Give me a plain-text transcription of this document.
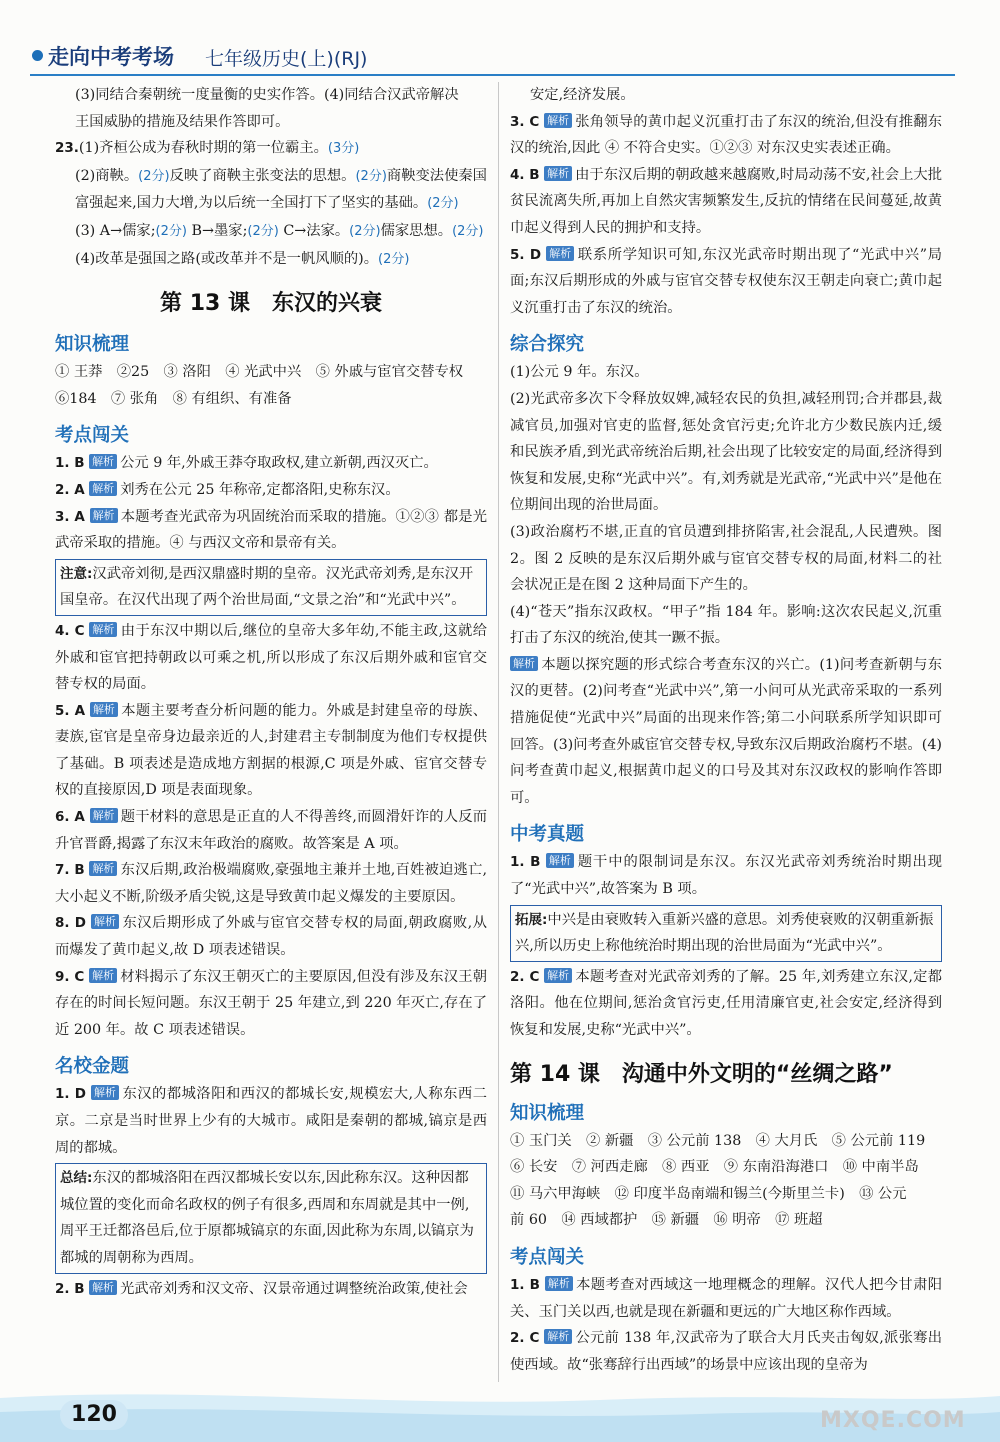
走向中考考场 七年级历史(上)(RJ)

(3)同结合秦朝统一度量衡的史实作答。(4)同结合汉武帝解决

王国威胁的措施及结果作答即可。

23.(1)齐桓公成为春秋时期的第一位霸主。(3分)

(2)商鞅。(2分)反映了商鞅主张变法的思想。(2分)商鞅变法使秦国富强起来,国力大增,为以后统一全国打下了坚实的基础。(2分)

(3) A→儒家;(2分) B→墨家;(2分) C→法家。(2分)儒家思想。(2分)

(4)改革是强国之路(或改革并不是一帆风顺的)。(2分)

第 13 课　东汉的兴衰
知识梳理

① 王莽　②25　③ 洛阳　④ 光武中兴　⑤ 外戚与宦官交替专权

⑥184　⑦ 张角　⑧ 有组织、有准备

考点闯关

1. B 解析 公元 9 年,外戚王莽夺取政权,建立新朝,西汉灭亡。

2. A 解析 刘秀在公元 25 年称帝,定都洛阳,史称东汉。

3. A 解析 本题考查光武帝为巩固统治而采取的措施。①②③ 都是光武帝采取的措施。④ 与西汉文帝和景帝有关。

注意:汉武帝刘彻,是西汉鼎盛时期的皇帝。汉光武帝刘秀,是东汉开国皇帝。在汉代出现了两个治世局面,“文景之治”和“光武中兴”。

4. C 解析 由于东汉中期以后,继位的皇帝大多年幼,不能主政,这就给外戚和宦官把持朝政以可乘之机,所以形成了东汉后期外戚和宦官交替专权的局面。

5. A 解析 本题主要考查分析问题的能力。外戚是封建皇帝的母族、妻族,宦官是皇帝身边最亲近的人,封建君主专制制度为他们专权提供了基础。B 项表述是造成地方割据的根源,C 项是外戚、宦官交替专权的直接原因,D 项是表面现象。

6. A 解析 题干材料的意思是正直的人不得善终,而圆滑奸诈的人反而升官晋爵,揭露了东汉末年政治的腐败。故答案是 A 项。

7. B 解析 东汉后期,政治极端腐败,豪强地主兼并土地,百姓被迫逃亡,大小起义不断,阶级矛盾尖锐,这是导致黄巾起义爆发的主要原因。

8. D 解析 东汉后期形成了外戚与宦官交替专权的局面,朝政腐败,从而爆发了黄巾起义,故 D 项表述错误。

9. C 解析 材料揭示了东汉王朝灭亡的主要原因,但没有涉及东汉王朝存在的时间长短问题。东汉王朝于 25 年建立,到 220 年灭亡,存在了近 200 年。故 C 项表述错误。

名校金题

1. D 解析 东汉的都城洛阳和西汉的都城长安,规模宏大,人称东西二京。二京是当时世界上少有的大城市。咸阳是秦朝的都城,镐京是西周的都城。

总结:东汉的都城洛阳在西汉都城长安以东,因此称东汉。这种因都城位置的变化而命名政权的例子有很多,西周和东周就是其中一例,周平王迁都洛邑后,位于原都城镐京的东面,因此称为东周,以镐京为都城的周朝称为西周。

2. B 解析 光武帝刘秀和汉文帝、汉景帝通过调整统治政策,使社会

安定,经济发展。

3. C 解析 张角领导的黄巾起义沉重打击了东汉的统治,但没有推翻东汉的统治,因此 ④ 不符合史实。①②③ 对东汉史实表述正确。

4. B 解析 由于东汉后期的朝政越来越腐败,时局动荡不安,社会上大批贫民流离失所,再加上自然灾害频繁发生,反抗的情绪在民间蔓延,故黄巾起义得到人民的拥护和支持。

5. D 解析 联系所学知识可知,东汉光武帝时期出现了“光武中兴”局面;东汉后期形成的外戚与宦官交替专权使东汉王朝走向衰亡;黄巾起义沉重打击了东汉的统治。

综合探究

(1)公元 9 年。东汉。

(2)光武帝多次下令释放奴婢,减轻农民的负担,减轻刑罚;合并郡县,裁减官员,加强对官吏的监督,惩处贪官污吏;允许北方少数民族内迁,缓和民族矛盾,到光武帝统治后期,社会出现了比较安定的局面,经济得到恢复和发展,史称“光武中兴”。有,刘秀就是光武帝,“光武中兴”是他在位期间出现的治世局面。

(3)政治腐朽不堪,正直的官员遭到排挤陷害,社会混乱,人民遭殃。图 2。图 2 反映的是东汉后期外戚与宦官交替专权的局面,材料二的社会状况正是在图 2 这种局面下产生的。

(4)“苍天”指东汉政权。“甲子”指 184 年。影响:这次农民起义,沉重打击了东汉的统治,使其一蹶不振。

解析 本题以探究题的形式综合考查东汉的兴亡。(1)问考查新朝与东汉的更替。(2)问考查“光武中兴”,第一小问可从光武帝采取的一系列措施促使“光武中兴”局面的出现来作答;第二小问联系所学知识即可回答。(3)问考查外戚宦官交替专权,导致东汉后期政治腐朽不堪。(4)问考查黄巾起义,根据黄巾起义的口号及其对东汉政权的影响作答即可。

中考真题

1. B 解析 题干中的限制词是东汉。东汉光武帝刘秀统治时期出现了“光武中兴”,故答案为 B 项。

拓展:中兴是由衰败转入重新兴盛的意思。刘秀使衰败的汉朝重新振兴,所以历史上称他统治时期出现的治世局面为“光武中兴”。

2. C 解析 本题考查对光武帝刘秀的了解。25 年,刘秀建立东汉,定都洛阳。他在位期间,惩治贪官污吏,任用清廉官吏,社会安定,经济得到恢复和发展,史称“光武中兴”。

第 14 课　沟通中外文明的“丝绸之路”
知识梳理

① 玉门关　② 新疆　③ 公元前 138　④ 大月氏　⑤ 公元前 119

⑥ 长安　⑦ 河西走廊　⑧ 西亚　⑨ 东南沿海港口　⑩ 中南半岛

⑪ 马六甲海峡　⑫ 印度半岛南端和锡兰(今斯里兰卡)　⑬ 公元

前 60　⑭ 西域都护　⑮ 新疆　⑯ 明帝　⑰ 班超

考点闯关

1. B 解析 本题考查对西域这一地理概念的理解。汉代人把今甘肃阳关、玉门关以西,也就是现在新疆和更远的广大地区称作西域。

2. C 解析 公元前 138 年,汉武帝为了联合大月氏夹击匈奴,派张骞出使西域。故“张骞辞行出西域”的场景中应该出现的皇帝为

120	MXQE.COM
